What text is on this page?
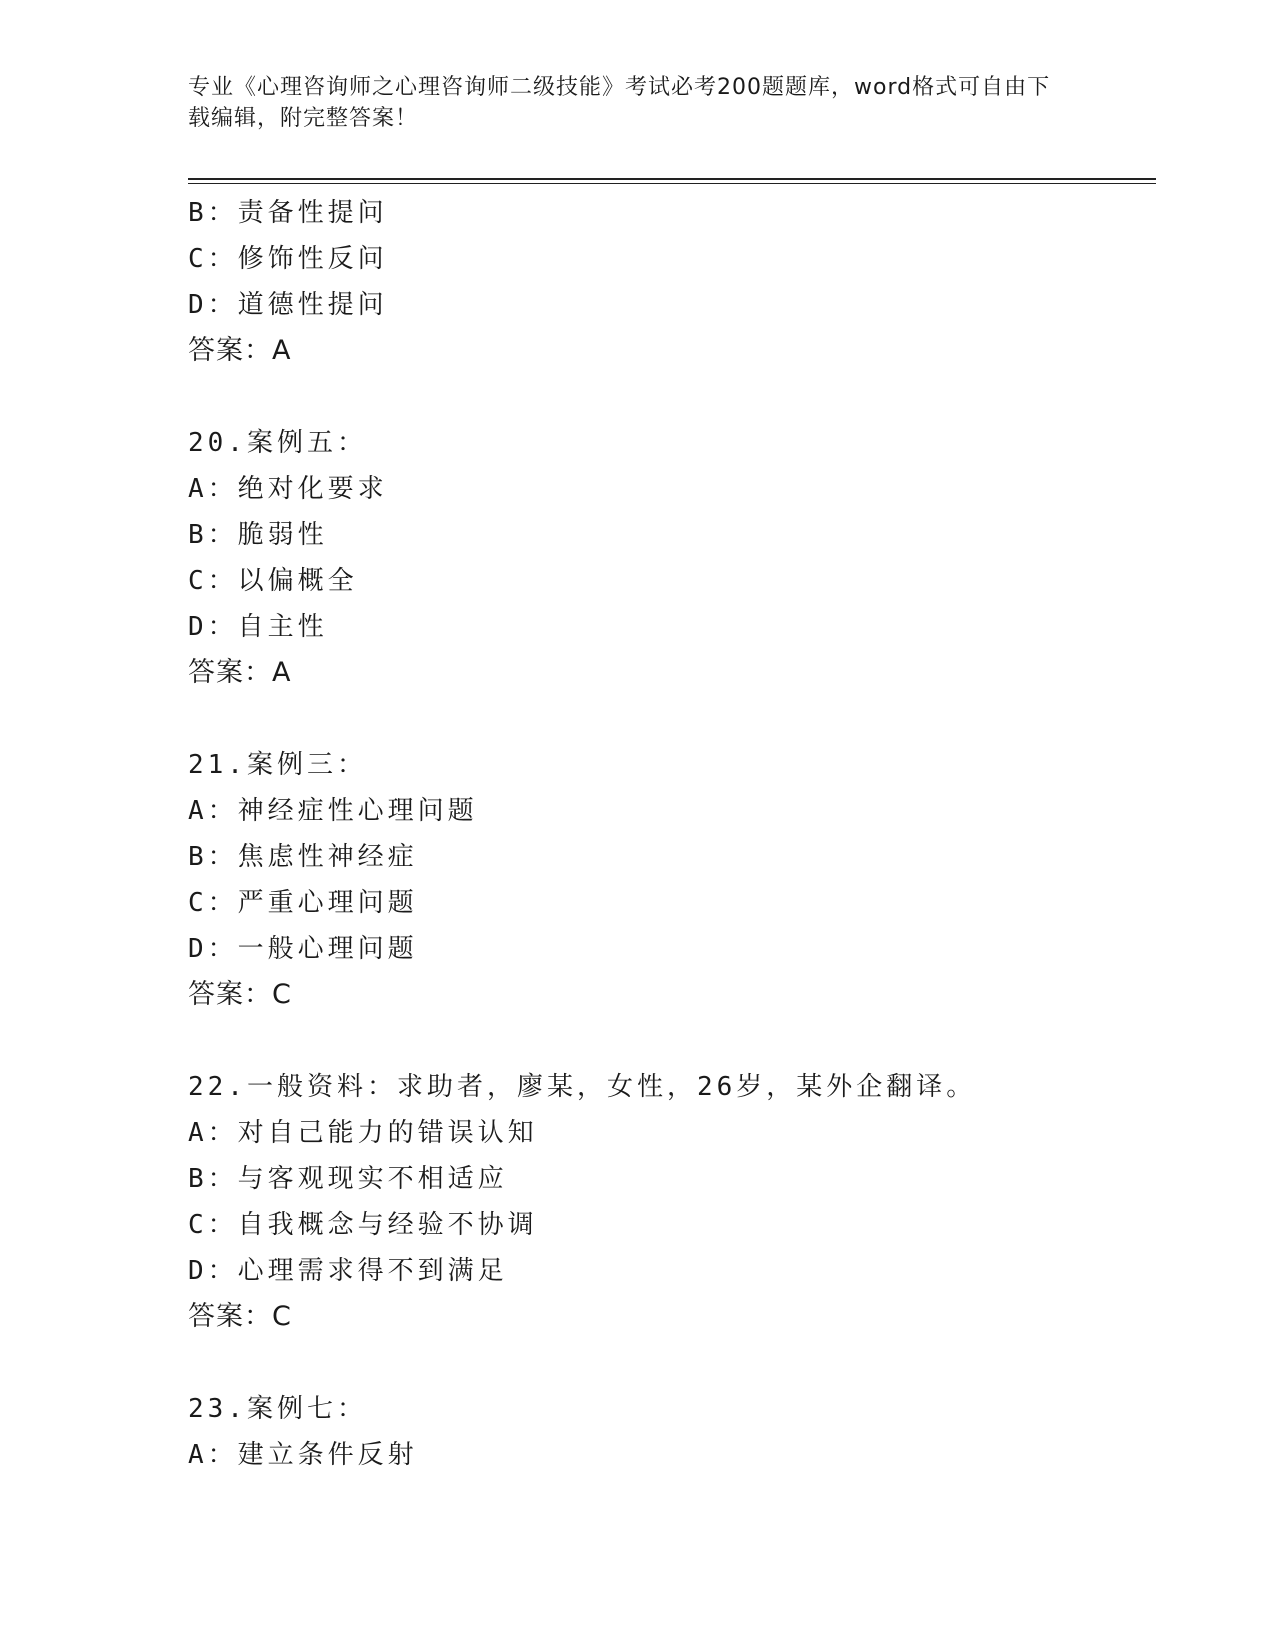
专业《心理咨询师之心理咨询师二级技能》考试必考200题题库，word格式可自由下载编辑，附完整答案！
B：责备性提问
C：修饰性反问
D：道德性提问
答案：A
20.案例五：
A：绝对化要求
B：脆弱性
C：以偏概全
D：自主性
答案：A
21.案例三：
A：神经症性心理问题
B：焦虑性神经症
C：严重心理问题
D：一般心理问题
答案：C
22.一般资料：求助者，廖某，女性，26岁，某外企翻译。
A：对自己能力的错误认知
B：与客观现实不相适应
C：自我概念与经验不协调
D：心理需求得不到满足
答案：C
23.案例七：
A：建立条件反射
